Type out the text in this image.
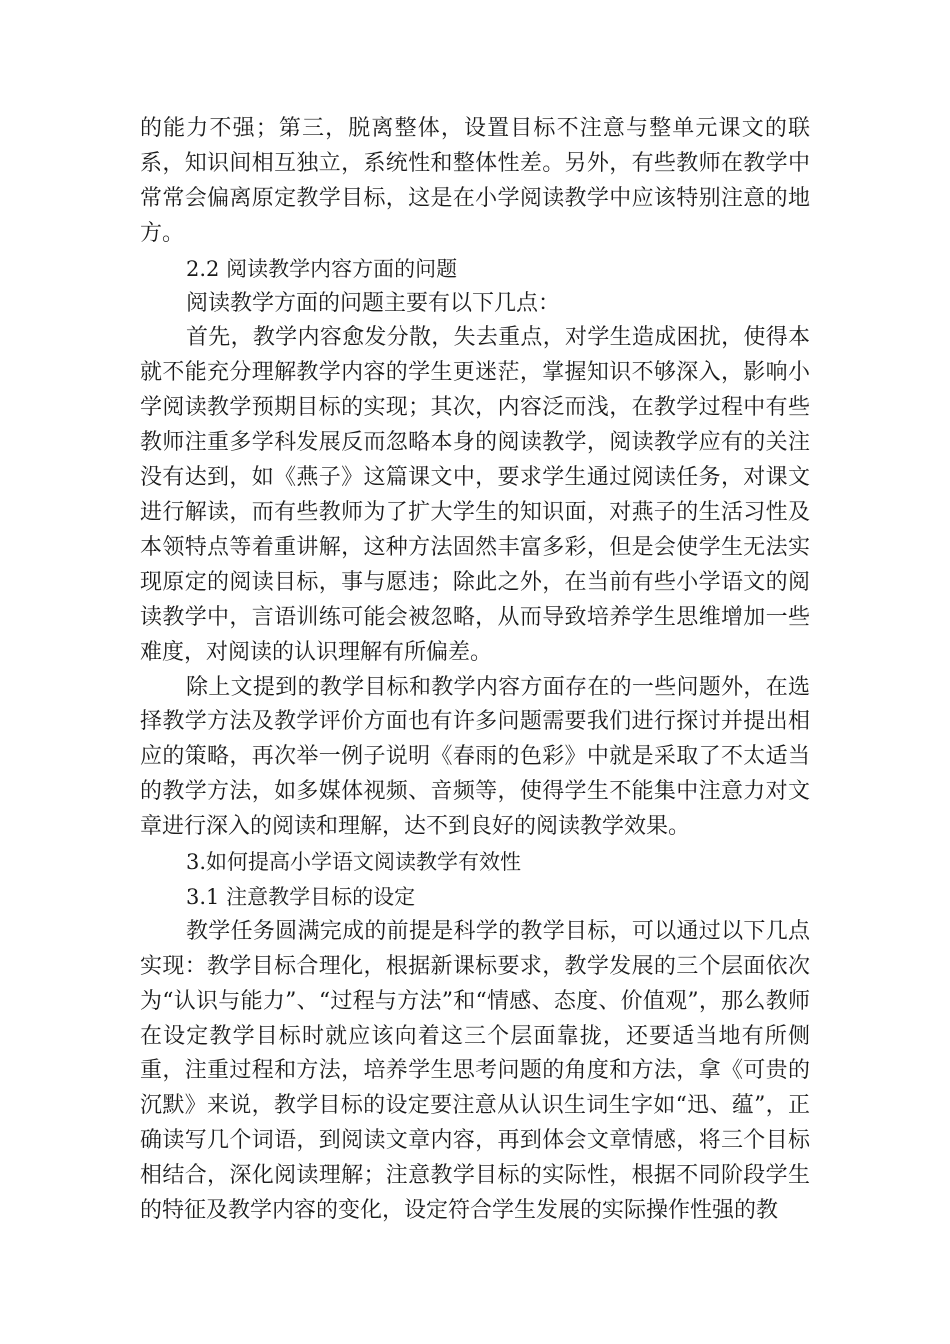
的能力不强；第三，脱离整体，设置目标不注意与整单元课文的联系，知识间相互独立，系统性和整体性差。另外，有些教师在教学中常常会偏离原定教学目标，这是在小学阅读教学中应该特别注意的地方。

2.2 阅读教学内容方面的问题

阅读教学方面的问题主要有以下几点：

首先，教学内容愈发分散，失去重点，对学生造成困扰，使得本就不能充分理解教学内容的学生更迷茫，掌握知识不够深入，影响小学阅读教学预期目标的实现；其次，内容泛而浅，在教学过程中有些教师注重多学科发展反而忽略本身的阅读教学，阅读教学应有的关注没有达到，如《燕子》这篇课文中，要求学生通过阅读任务，对课文进行解读，而有些教师为了扩大学生的知识面，对燕子的生活习性及本领特点等着重讲解，这种方法固然丰富多彩，但是会使学生无法实现原定的阅读目标，事与愿违；除此之外，在当前有些小学语文的阅读教学中，言语训练可能会被忽略，从而导致培养学生思维增加一些难度，对阅读的认识理解有所偏差。

除上文提到的教学目标和教学内容方面存在的一些问题外，在选择教学方法及教学评价方面也有许多问题需要我们进行探讨并提出相应的策略，再次举一例子说明《春雨的色彩》中就是采取了不太适当的教学方法，如多媒体视频、音频等，使得学生不能集中注意力对文章进行深入的阅读和理解，达不到良好的阅读教学效果。

3.如何提高小学语文阅读教学有效性

3.1 注意教学目标的设定

教学任务圆满完成的前提是科学的教学目标，可以通过以下几点实现：教学目标合理化，根据新课标要求，教学发展的三个层面依次为“认识与能力”、“过程与方法”和“情感、态度、价值观”，那么教师在设定教学目标时就应该向着这三个层面靠拢，还要适当地有所侧重，注重过程和方法，培养学生思考问题的角度和方法，拿《可贵的沉默》来说，教学目标的设定要注意从认识生词生字如“迅、蕴”，正确读写几个词语，到阅读文章内容，再到体会文章情感，将三个目标相结合，深化阅读理解；注意教学目标的实际性，根据不同阶段学生的特征及教学内容的变化，设定符合学生发展的实际操作性强的教
